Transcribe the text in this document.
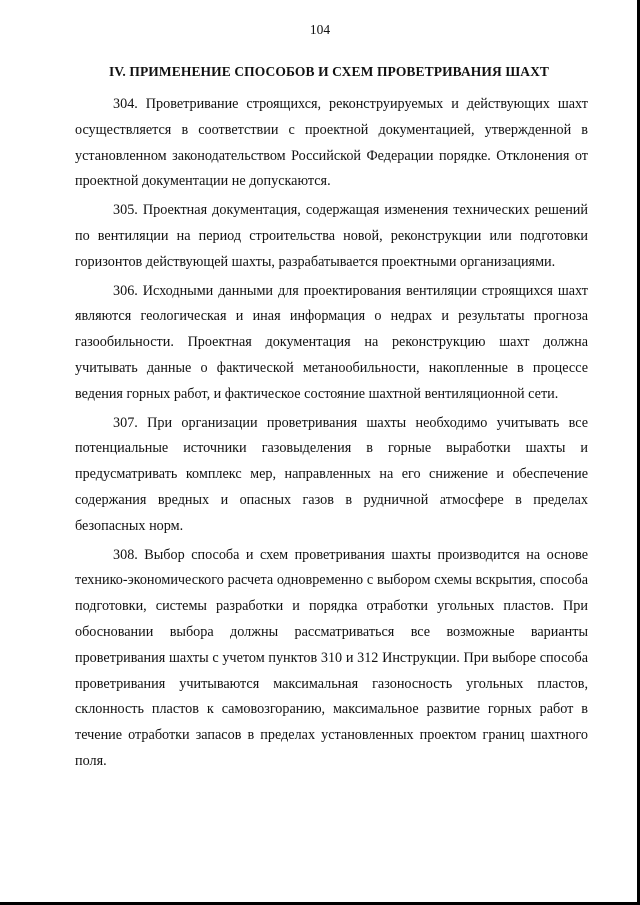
104
IV. ПРИМЕНЕНИЕ СПОСОБОВ И СХЕМ ПРОВЕТРИВАНИЯ ШАХТ

304. Проветривание строящихся, реконструируемых и действующих шахт осуществляется в соответствии с проектной документацией, утвержденной в установленном законодательством Российской Федерации порядке. Отклонения от проектной документации не допускаются.

305. Проектная документация, содержащая изменения технических решений по вентиляции на период строительства новой, реконструкции или подготовки горизонтов действующей шахты, разрабатывается проектными организациями.

306. Исходными данными для проектирования вентиляции строящихся шахт являются геологическая и иная информация о недрах и результаты прогноза газообильности. Проектная документация на реконструкцию шахт должна учитывать данные о фактической метанообильности, накопленные в процессе ведения горных работ, и фактическое состояние шахтной вентиляционной сети.

307. При организации проветривания шахты необходимо учитывать все потенциальные источники газовыделения в горные выработки шахты и предусматривать комплекс мер, направленных на его снижение и обеспечение содержания вредных и опасных газов в рудничной атмосфере в пределах безопасных норм.

308. Выбор способа и схем проветривания шахты производится на основе технико-экономического расчета одновременно с выбором схемы вскрытия, способа подготовки, системы разработки и порядка отработки угольных пластов. При обосновании выбора должны рассматриваться все возможные варианты проветривания шахты с учетом пунктов 310 и 312 Инструкции. При выборе способа проветривания учитываются максимальная газоносность угольных пластов, склонность пластов к самовозгоранию, максимальное развитие горных работ в течение отработки запасов в пределах установленных проектом границ шахтного поля.
